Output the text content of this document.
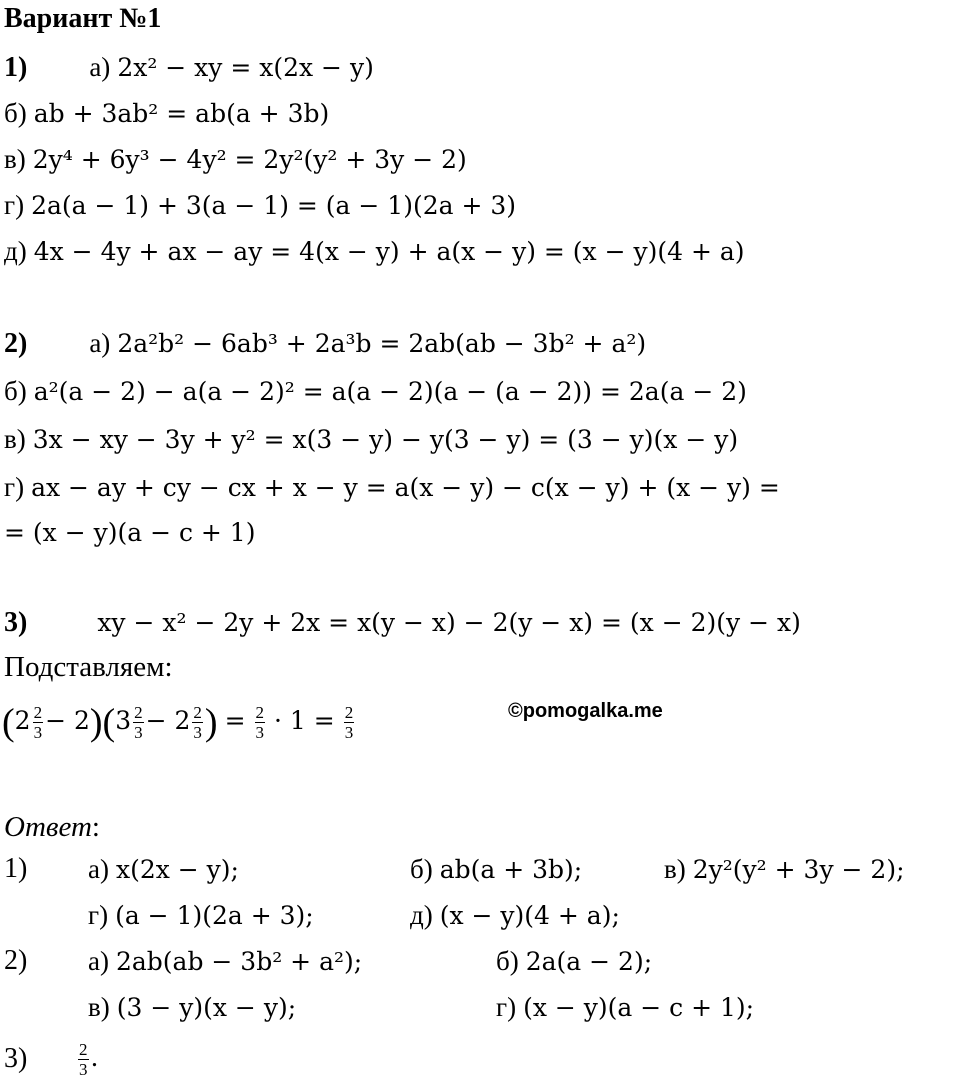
Вариант №1
1) а) 2x² − xy = x(2x − y)
б) ab + 3ab² = ab(a + 3b)
в) 2y⁴ + 6y³ − 4y² = 2y²(y² + 3y − 2)
г) 2a(a − 1) + 3(a − 1) = (a − 1)(2a + 3)
д) 4x − 4y + ax − ay = 4(x − y) + a(x − y) = (x − y)(4 + a)
2) а) 2a²b² − 6ab³ + 2a³b = 2ab(ab − 3b² + a²)
б) a²(a − 2) − a(a − 2)² = a(a − 2)(a − (a − 2)) = 2a(a − 2)
в) 3x − xy − 3y + y² = x(3 − y) − y(3 − y) = (3 − y)(x − y)
г) ax − ay + cy − cx + x − y = a(x − y) − c(x − y) + (x − y) =
= (x − y)(a − c + 1)
3)	xy − x² − 2y + 2x = x(y − x) − 2(y − x) = (x − 2)(y − x)
Подставляем:
$(2 \frac{2}{3} - 2)(3 \frac{2}{3} - 2 \frac{2}{3}$ ) = $\frac{2}{3} \cdot 1 = \frac{2}{3}$	©pomogalka.me
Ответ:
1) а) x(2x − y);	б) ab(a + 3b);	в) 2y²(y² + 3y − 2);
г) (a − 1)(2a + 3);	д) (x − y)(4 + a);
2) а) 2ab(ab − 3b² + a²);	б) 2a(a − 2);
в) (3 − y)(x − y);	г) (x − y)(a − c + 1);
3)	$\frac{2}{3}$ .
